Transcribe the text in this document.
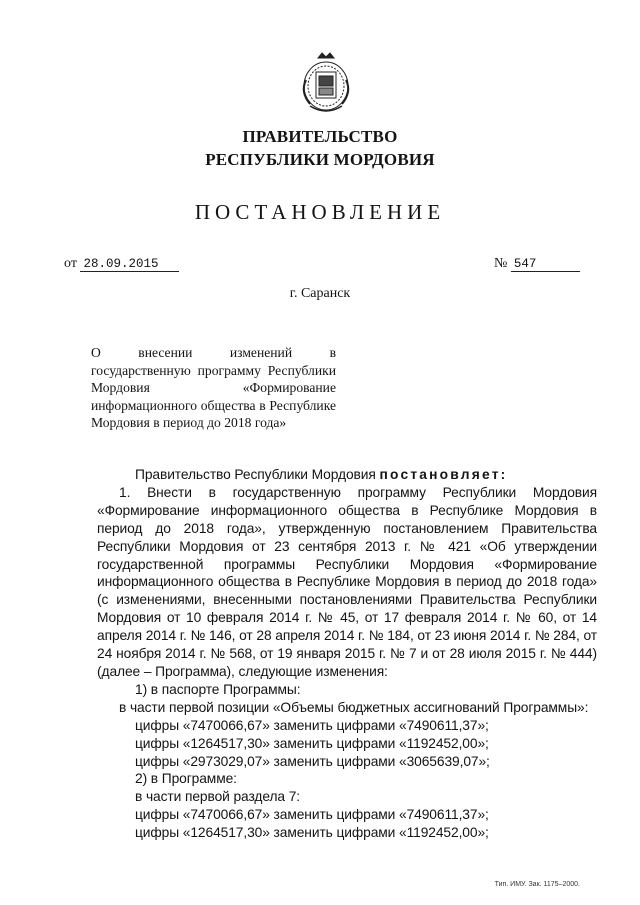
ПРАВИТЕЛЬСТВО
РЕСПУБЛИКИ МОРДОВИЯ
ПОСТАНОВЛЕНИЕ
от 28.09.2015	№ 547
г. Саранск
О внесении изменений в государственную программу Республики Мордовия «Формирование информационного общества в Республике Мордовия в период до 2018 года»

Правительство Республики Мордовия постановляет:

1. Внести в государственную программу Республики Мордовия «Формирование информационного общества в Республике Мордовия в период до 2018 года», утвержденную постановлением Правительства Республики Мордовия от 23 сентября 2013 г. № 421 «Об утверждении государственной программы Республики Мордовия «Формирование информационного общества в Республике Мордовия в период до 2018 года» (с изменениями, внесенными постановлениями Правительства Республики Мордовия от 10 февраля 2014 г. № 45, от 17 февраля 2014 г. № 60, от 14 апреля 2014 г. № 146, от 28 апреля 2014 г. № 184, от 23 июня 2014 г. № 284, от 24 ноября 2014 г. № 568, от 19 января 2015 г. № 7 и от 28 июля 2015 г. № 444) (далее – Программа), следующие изменения:

1) в паспорте Программы:

в части первой позиции «Объемы бюджетных ассигнований Программы»:

цифры «7470066,67» заменить цифрами «7490611,37»;

цифры «1264517,30» заменить цифрами «1192452,00»;

цифры «2973029,07» заменить цифрами «3065639,07»;

2) в Программе:

в части первой раздела 7:

цифры «7470066,67» заменить цифрами «7490611,37»;

цифры «1264517,30» заменить цифрами «1192452,00»;

Тип. ИМУ. Зак. 1175–2000.
